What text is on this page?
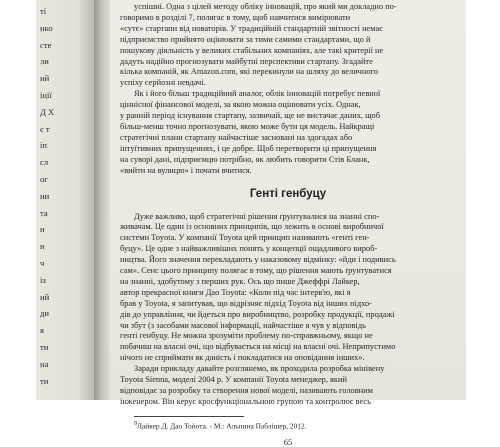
ті
нко
сте
ли
ий
іції
Д Х
є т
іп
сл
ог
ни
та
н
н
ч
із
ий
ди
я
ти
на
ти
успішні. Одна з цілей методу обліку інновацій, про який ми докладно по-
говоримо в розділі 7, полягає в тому, щоб навчитися вимірювати
«сутє» стартапи від новаторів. У традиційній стандартній звітності немає
підприємство прийнято оцінювати за тими самими стандартами, що й
пошукову діяльність у великих стабільних компаніях, але такі критерії не
дадуть надійно прогнозувати майбутні перспективи стартапу. Згадайте
кілька компаній, як Amazon.com, які перекинули на шляху до величного
успіху серйозні невдачі.
Як і його більш традиційний аналог, облік інновацій потребує певної
ціннісної фінансової моделі, за якою можна оцінювати усіх. Однак,
у ранній період існування стартапу, зазвичай, ще не вистачає даних, щоб
більш-менш точно прогнозувати, якою може бути ця модель. Найкращі
стратегічні плани стартапу найчастіше засновані на здогадах або
інтуїтивних припущеннях, і це добре. Щоб перетворити ці припущення
на суворі дані, підприємцю потрібно, як любить говорити Стів Бланк,
«вийти на вулицю» і почати вчитися.
Генті генбуцу
Дуже важливо, щоб стратегічні рішення ґрунтувалися на знанні спо-
живачам. Це один із основних принципів, що лежить в основі виробничої
системи Toyota. У компанії Toyota цей принцип називають «генті ген-
буцу». Це одне з найважливіших понять у концепції ощадливого вироб-
ництва. Його значення перекладають у наказовому відмінку: «йди і подивись
сам». Сенс цього принципу полягає в тому, що рішення мають ґрунтуватися
на знанні, здобутому з перших рук. Ось що пише Джеффрі Лайкер,
автор прекрасної книги Дао Toyota: «Коли під час інтерв'ю, які я
брав у Toyota, я запитував, що відрізняє підхід Toyota від інших підхо-
дів до управління, чи йдеться про виробництво, розробку продукції, продажі
чи збут (з засобами масової інформації, найчастіше я чув у відповідь
генті генбуцу. Не можна зрозуміти проблему по-справжньому, якщо не
побачиш на власні очі, що відбувається на місці на власні очі. Неприпустимо
нічого не сприймати як даність і покладатися на оповідання інших».
Заради прикладу давайте розглянемо, як проходила розробка мінівену
Toyota Sienna, моделі 2004 р. У компанії Toyota менеджер, який
відповідає за розробку та створення нової моделі, називають головним
інженером. Він керує кросфункціональною групою та контролює весь
$^9$Лайкер Д. Дао Тойота. - М.: Альпина Паблішер, 2012.
65
